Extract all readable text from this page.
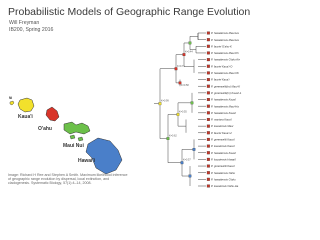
Probabilistic Models of Geographic Range Evolution
Will Freyman
IB200, Spring 2016
Ni
Kaua'i
O'ahu
Maui Nui
Hawai'i
P. hawaiiensis Maui-Ha
P. hawaiiensis Maui-Ha
P. fauriei O'ahu-K
P. hawaiiensis Maui-Kh
P. hawaiiensis O'ahu-Ke
P. fauriei Kaua'i-O
P. hawaiiensis Maui-Oh
P. fauriei Kaua'i
P. greenwellii(nr) Maui-K
P. greenwellii(nr) Kaua'i-1
P. hawaiiensis Kaua'i
P. hawaiiensis Maui-Ha
P. hawaiiensis Kaua'i
P. mariana Kaua'i
P. kauaiensis Maui
P. fauriei Kaua'i-2
P. greenwellii Kaua'i
P. kauaiensis Kaua'i
P. hawaiiensis Kaua'i
P. kauaiensis Hawai'i
P. greenwellii Kaua'i
P. hawaiiensis Oahu
P. hawaiiensis O'ahu
P. kauaiensis Oahu-Ha
K=0.99
K=0.71
K=0.62
K=0.55
K=0.57
K=0.44
K=0.58
Image: Richard H Ree and Stephen A Smith. Maximum likelihood inference of geographic range evolution by dispersal, local extinction, and cladogenesis. Systematic Biology, 57(1):4–14, 2008.
